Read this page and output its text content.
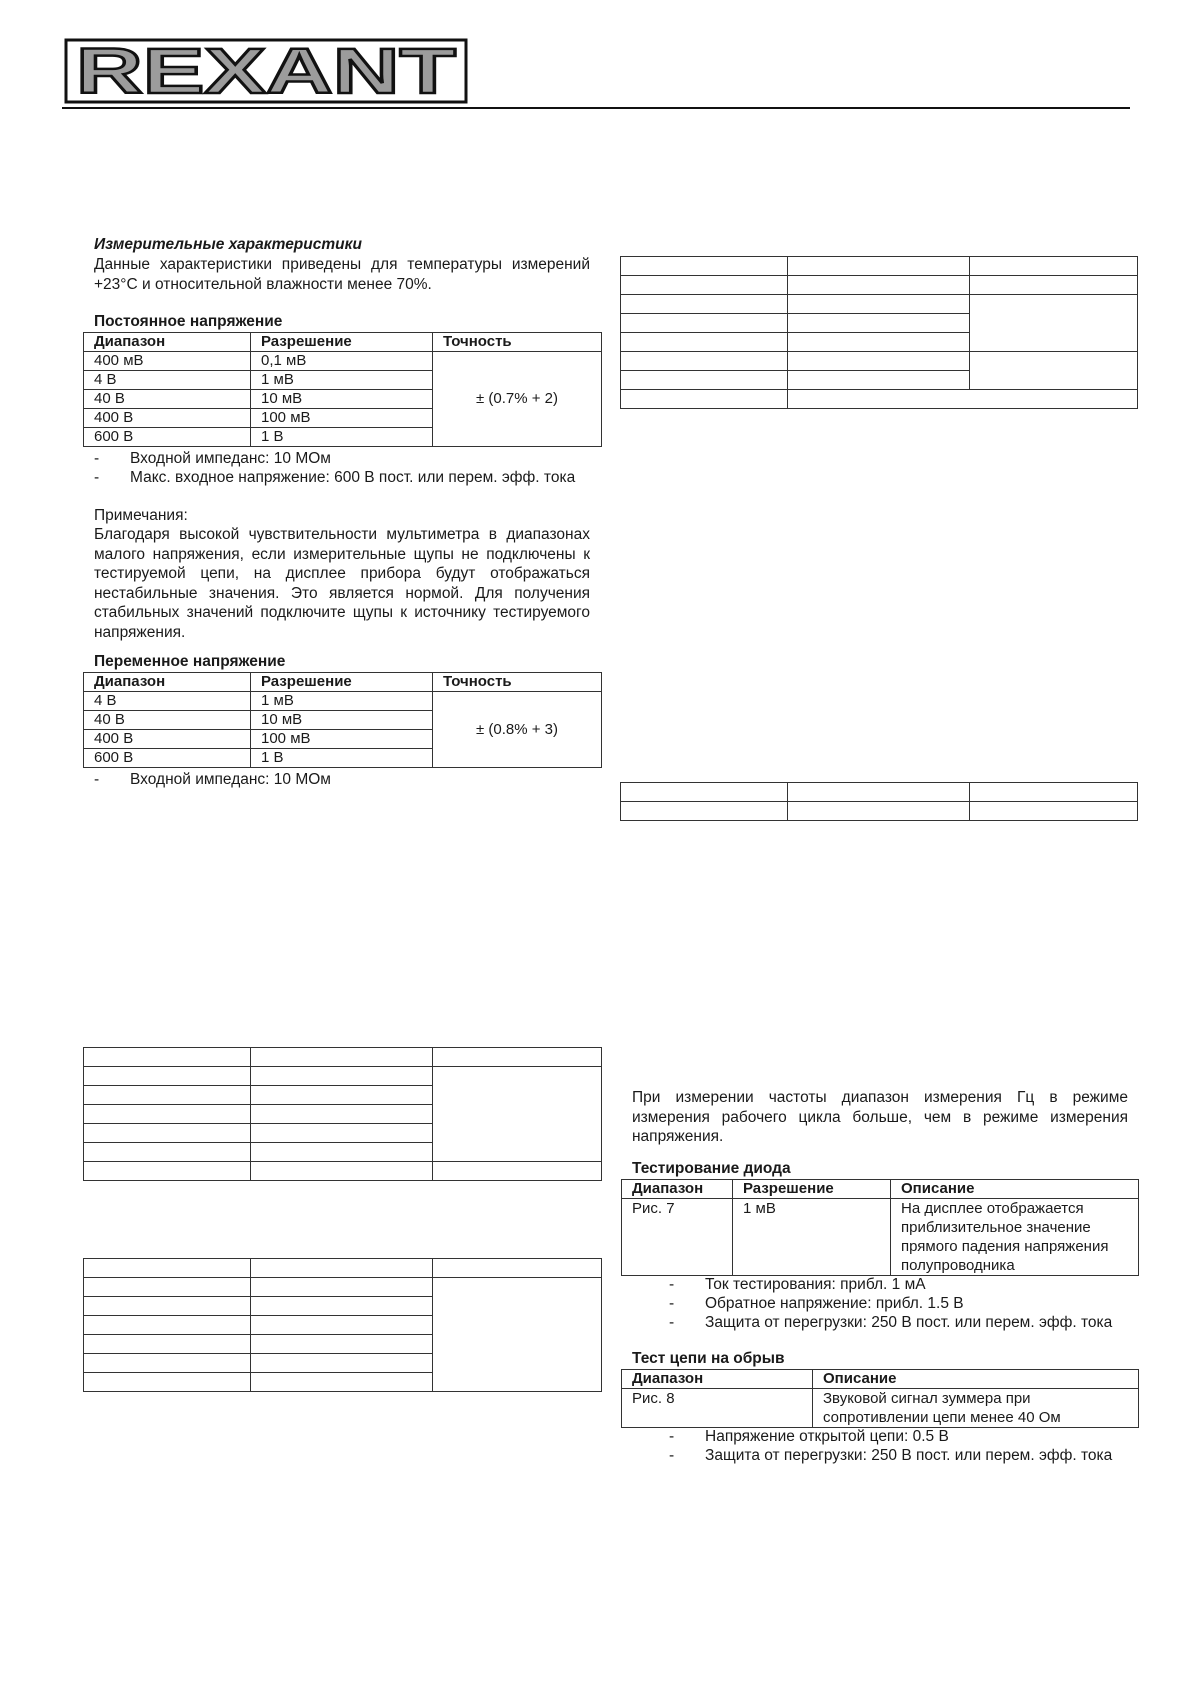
REXANT
Измерительные характеристики
Данные характеристики приведены для температуры измерений +23°C и относительной влажности менее 70%.
Постоянное напряжение
Диапазон	Разрешение	Точность
400 мВ	0,1 мВ	± (0.7% + 2)
4 В	1 мВ	
40 В	10 мВ	
400 В	100 мВ	
600 В	1 В	
- Входной импеданс: 10 МОм
- Макс. входное напряжение: 600 В пост. или перем. эфф. тока
Примечания:
Благодаря высокой чувствительности мультиметра в диапазонах малого напряжения, если измерительные щупы не подключены к тестируемой цепи, на дисплее прибора будут отображаться нестабильные значения. Это является нормой. Для получения стабильных значений подключите щупы к источнику тестируемого напряжения.
Переменное напряжение
Диапазон	Разрешение	Точность
4 В	1 мВ	± (0.8% + 3)
40 В	10 мВ	
400 В	100 мВ	
600 В	1 В	
- Входной импеданс: 10 МОм

При измерении частоты диапазон измерения Гц в режиме измерения рабочего цикла больше, чем в режиме измерения напряжения.
Тестирование диода
Диапазон	Разрешение	Описание
Рис. 7	1 мВ	На дисплее отображается приблизительное значение прямого падения напряжения полупроводника
- Ток тестирования: прибл. 1 мА
- Обратное напряжение: прибл. 1.5 В
- Защита от перегрузки: 250 В пост. или перем. эфф. тока
Тест цепи на обрыв
Диапазон	Описание
Рис. 8	Звуковой сигнал зуммера при сопротивлении цепи менее 40 Ом
- Напряжение открытой цепи: 0.5 В
- Защита от перегрузки: 250 В пост. или перем. эфф. тока
